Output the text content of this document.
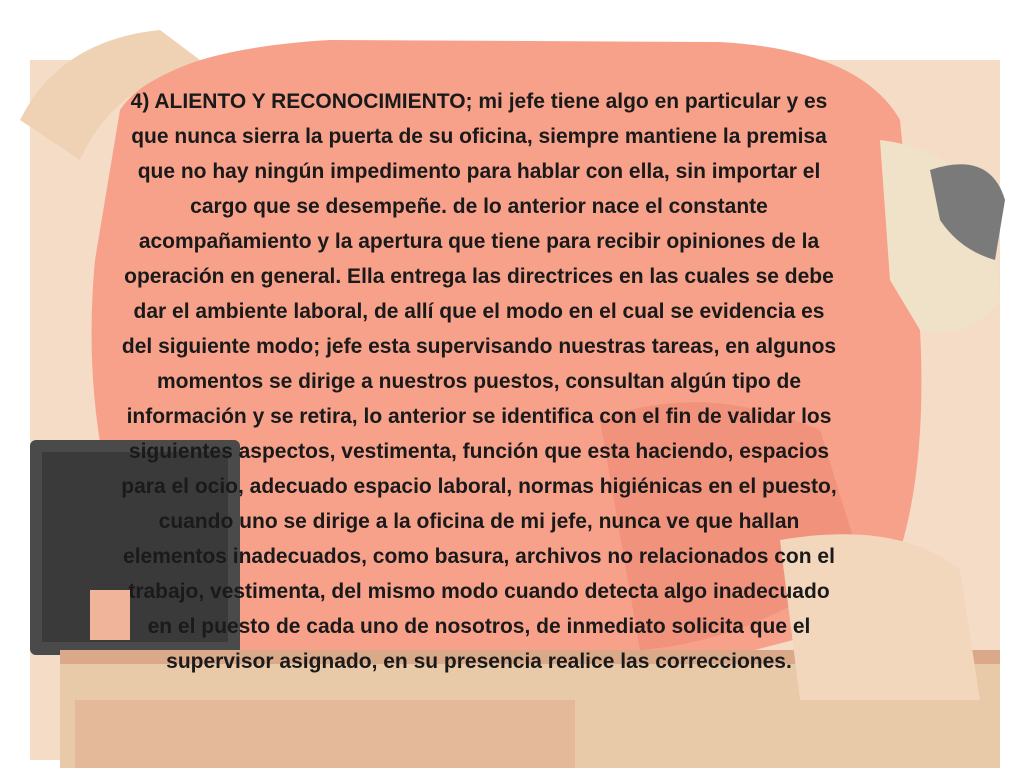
4) ALIENTO Y RECONOCIMIENTO; mi jefe tiene algo en particular y es
que nunca sierra la puerta de su oficina, siempre mantiene la premisa
que no hay ningún impedimento para hablar con ella, sin importar el
cargo que se desempeñe. de lo anterior nace el constante
acompañamiento y la apertura que tiene para recibir opiniones de la
operación en general. Ella entrega las directrices en las cuales se debe
dar el ambiente laboral, de allí que el modo en el cual se evidencia es
del siguiente modo; jefe esta supervisando nuestras tareas, en algunos
momentos se dirige a nuestros puestos, consultan algún tipo de
información y se retira, lo anterior se identifica con el fin de validar los
siguientes aspectos, vestimenta, función que esta haciendo, espacios
para el ocio, adecuado espacio laboral, normas higiénicas en el puesto,
cuando uno se dirige a la oficina de mi jefe, nunca ve que hallan
elementos inadecuados, como basura, archivos no relacionados con el
trabajo, vestimenta, del mismo modo cuando detecta algo inadecuado
en el puesto de cada uno de nosotros, de inmediato solicita que el
supervisor asignado, en su presencia realice las correcciones.
